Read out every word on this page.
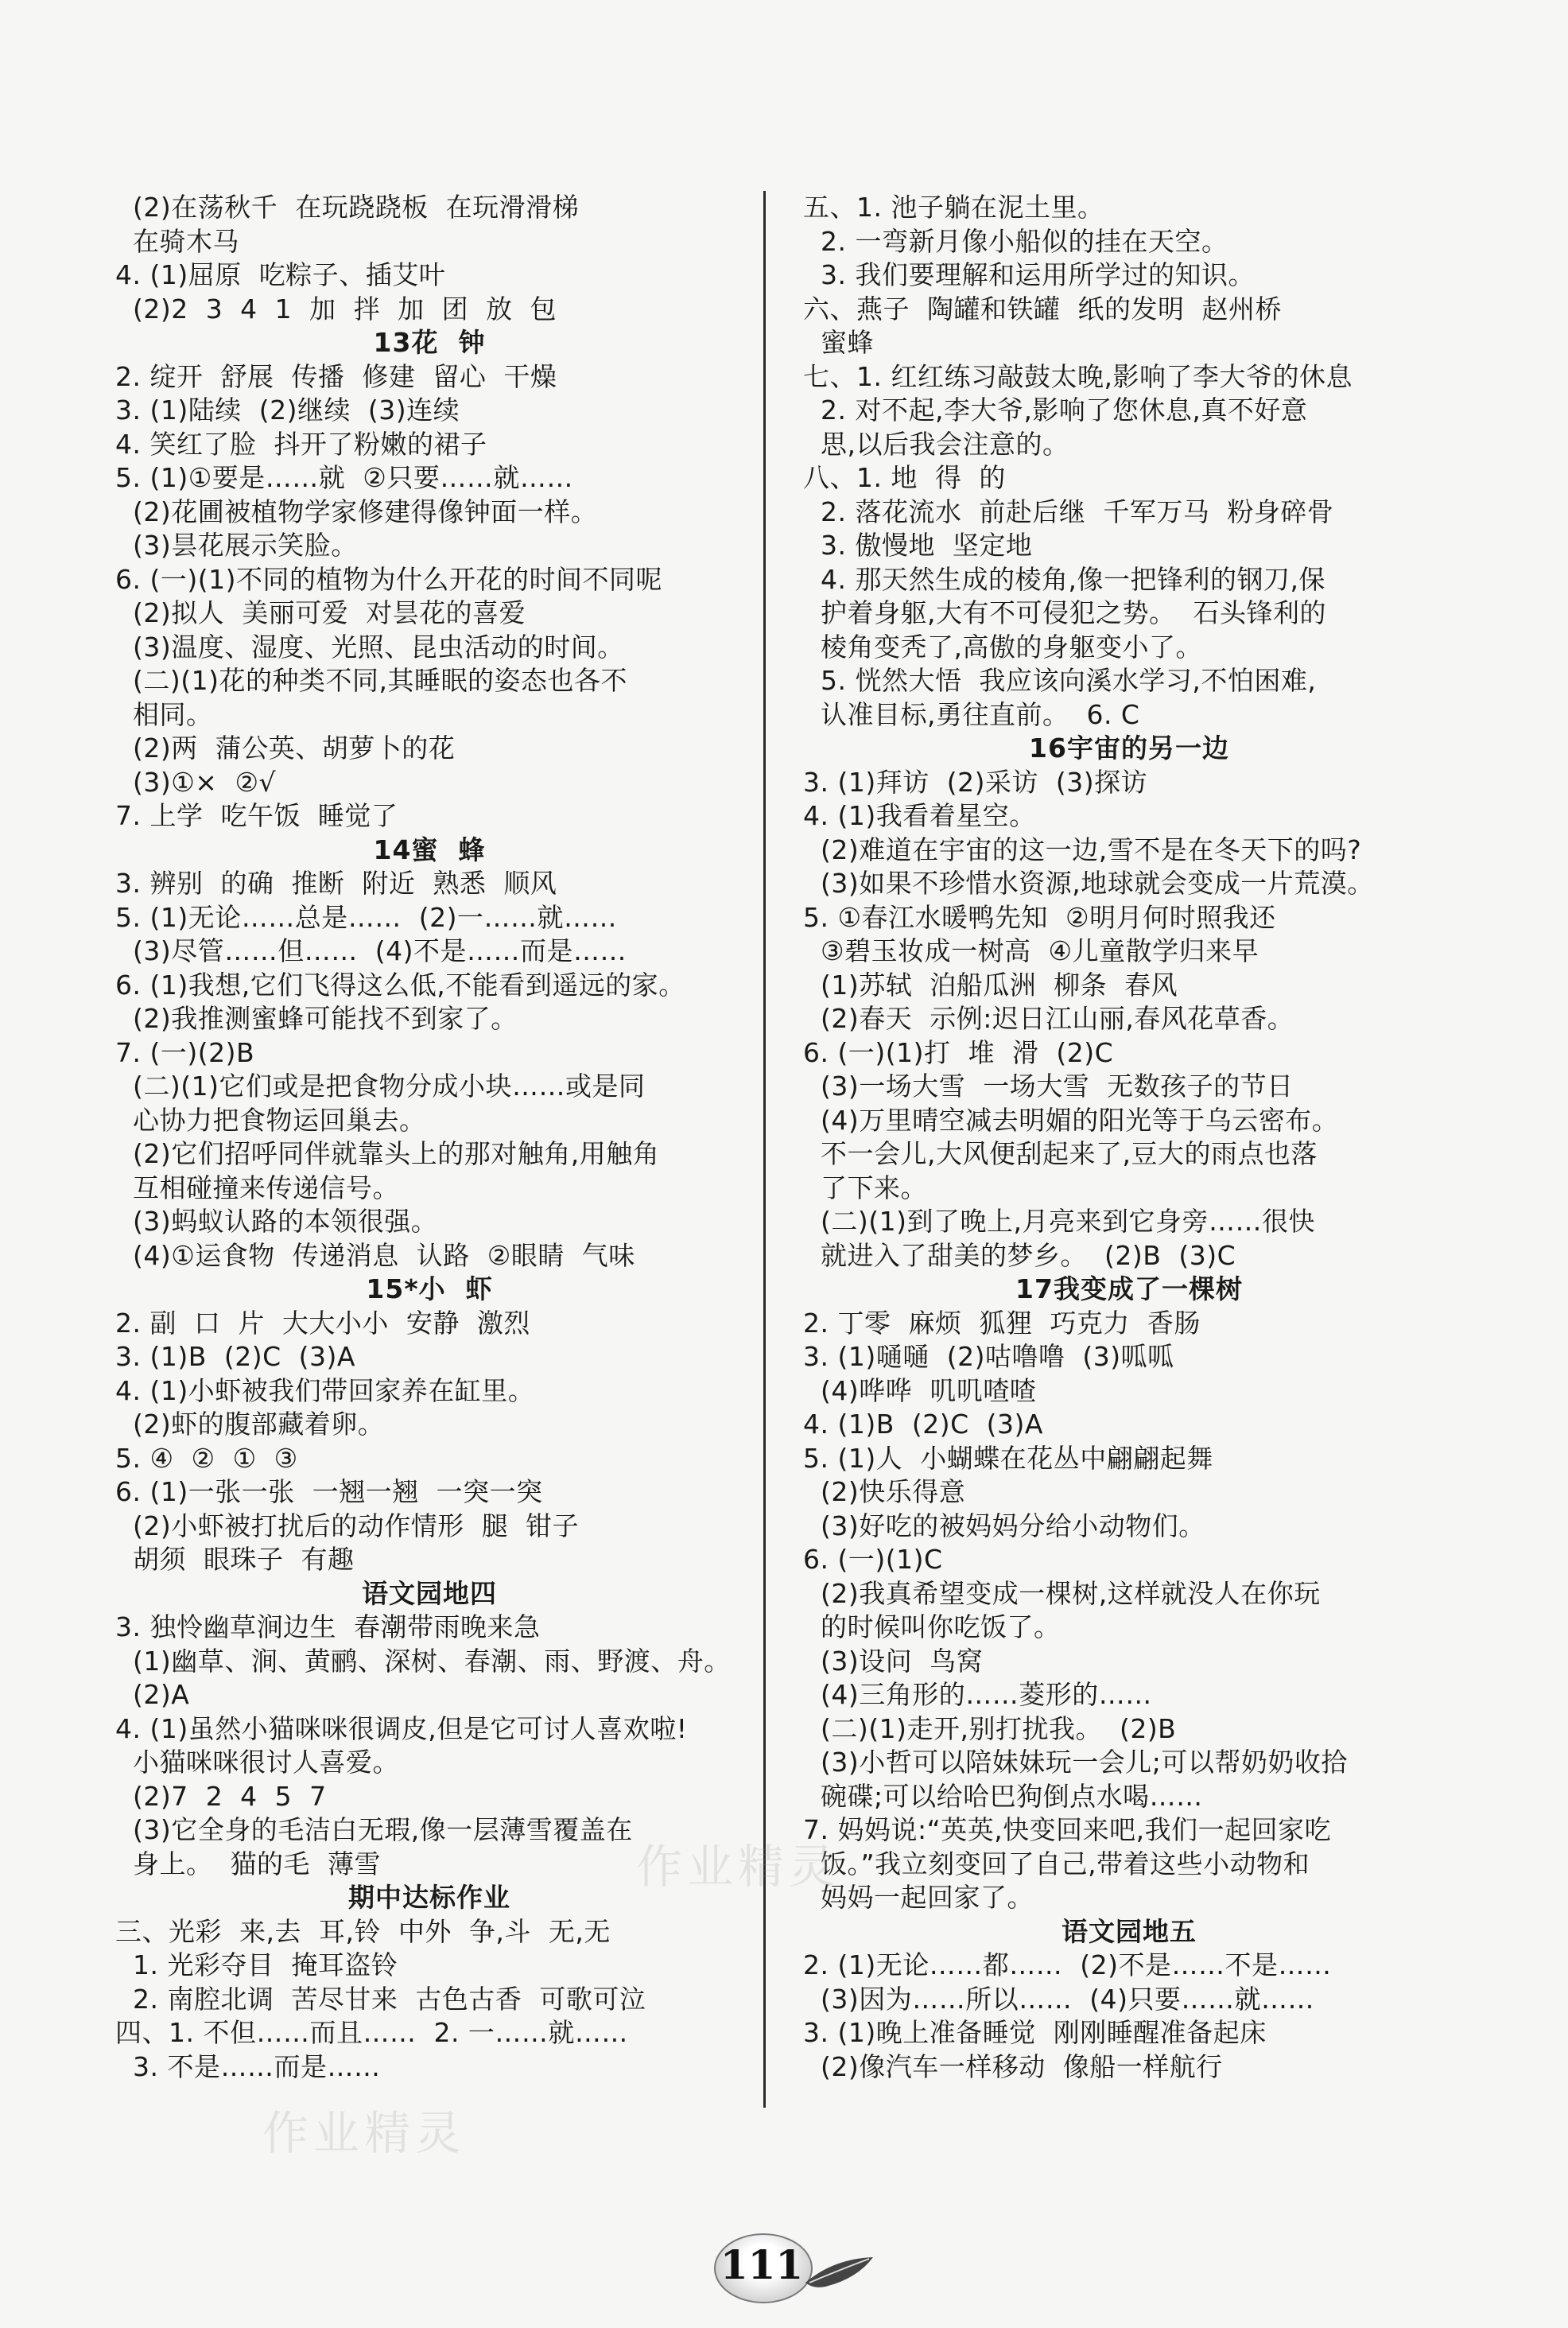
(2)在荡秋千  在玩跷跷板  在玩滑滑梯
在骑木马
4. (1)屈原  吃粽子、插艾叶
(2)2  3  4  1  加  拌  加  团  放  包
13花  钟
2. 绽开  舒展  传播  修建  留心  干燥
3. (1)陆续  (2)继续  (3)连续
4. 笑红了脸  抖开了粉嫩的裙子
5. (1)①要是……就  ②只要……就……
(2)花圃被植物学家修建得像钟面一样。
(3)昙花展示笑脸。
6. (一)(1)不同的植物为什么开花的时间不同呢
(2)拟人  美丽可爱  对昙花的喜爱
(3)温度、湿度、光照、昆虫活动的时间。
(二)(1)花的种类不同,其睡眠的姿态也各不
相同。
(2)两  蒲公英、胡萝卜的花
(3)①×  ②√
7. 上学  吃午饭  睡觉了
14蜜  蜂
3. 辨别  的确  推断  附近  熟悉  顺风
5. (1)无论……总是……  (2)一……就……
(3)尽管……但……  (4)不是……而是……
6. (1)我想,它们飞得这么低,不能看到遥远的家。
(2)我推测蜜蜂可能找不到家了。
7. (一)(2)B
(二)(1)它们或是把食物分成小块……或是同
心协力把食物运回巢去。
(2)它们招呼同伴就靠头上的那对触角,用触角
互相碰撞来传递信号。
(3)蚂蚁认路的本领很强。
(4)①运食物  传递消息  认路  ②眼睛  气味
15*小  虾
2. 副  口  片  大大小小  安静  激烈
3. (1)B  (2)C  (3)A
4. (1)小虾被我们带回家养在缸里。
(2)虾的腹部藏着卵。
5. ④  ②  ①  ③
6. (1)一张一张  一翘一翘  一突一突
(2)小虾被打扰后的动作情形  腿  钳子
胡须  眼珠子  有趣
语文园地四
3. 独怜幽草涧边生  春潮带雨晚来急
(1)幽草、涧、黄鹂、深树、春潮、雨、野渡、舟。
(2)A
4. (1)虽然小猫咪咪很调皮,但是它可讨人喜欢啦!
小猫咪咪很讨人喜爱。
(2)7  2  4  5  7
(3)它全身的毛洁白无瑕,像一层薄雪覆盖在
身上。  猫的毛  薄雪
期中达标作业
三、光彩  来,去  耳,铃  中外  争,斗  无,无
1. 光彩夺目  掩耳盗铃
2. 南腔北调  苦尽甘来  古色古香  可歌可泣
四、1. 不但……而且……  2. 一……就……
3. 不是……而是……
五、1. 池子躺在泥土里。
2. 一弯新月像小船似的挂在天空。
3. 我们要理解和运用所学过的知识。
六、燕子  陶罐和铁罐  纸的发明  赵州桥
蜜蜂
七、1. 红红练习敲鼓太晚,影响了李大爷的休息
2. 对不起,李大爷,影响了您休息,真不好意
思,以后我会注意的。
八、1. 地  得  的
2. 落花流水  前赴后继  千军万马  粉身碎骨
3. 傲慢地  坚定地
4. 那天然生成的棱角,像一把锋利的钢刀,保
护着身躯,大有不可侵犯之势。  石头锋利的
棱角变秃了,高傲的身躯变小了。
5. 恍然大悟  我应该向溪水学习,不怕困难,
认准目标,勇往直前。  6. C
16宇宙的另一边
3. (1)拜访  (2)采访  (3)探访
4. (1)我看着星空。
(2)难道在宇宙的这一边,雪不是在冬天下的吗?
(3)如果不珍惜水资源,地球就会变成一片荒漠。
5. ①春江水暖鸭先知  ②明月何时照我还
③碧玉妆成一树高  ④儿童散学归来早
(1)苏轼  泊船瓜洲  柳条  春风
(2)春天  示例:迟日江山丽,春风花草香。
6. (一)(1)打  堆  滑  (2)C
(3)一场大雪  一场大雪  无数孩子的节日
(4)万里晴空减去明媚的阳光等于乌云密布。
不一会儿,大风便刮起来了,豆大的雨点也落
了下来。
(二)(1)到了晚上,月亮来到它身旁……很快
就进入了甜美的梦乡。  (2)B  (3)C
17我变成了一棵树
2. 丁零  麻烦  狐狸  巧克力  香肠
3. (1)嗵嗵  (2)咕噜噜  (3)呱呱
(4)哗哗  叽叽喳喳
4. (1)B  (2)C  (3)A
5. (1)人  小蝴蝶在花丛中翩翩起舞
(2)快乐得意
(3)好吃的被妈妈分给小动物们。
6. (一)(1)C
(2)我真希望变成一棵树,这样就没人在你玩
的时候叫你吃饭了。
(3)设问  鸟窝
(4)三角形的……菱形的……
(二)(1)走开,别打扰我。  (2)B
(3)小哲可以陪妹妹玩一会儿;可以帮奶奶收拾
碗碟;可以给哈巴狗倒点水喝……
7. 妈妈说:“英英,快变回来吧,我们一起回家吃
饭。”我立刻变回了自己,带着这些小动物和
妈妈一起回家了。
语文园地五
2. (1)无论……都……  (2)不是……不是……
(3)因为……所以……  (4)只要……就……
3. (1)晚上准备睡觉  刚刚睡醒准备起床
(2)像汽车一样移动  像船一样航行
作业精灵
作业精灵
111
